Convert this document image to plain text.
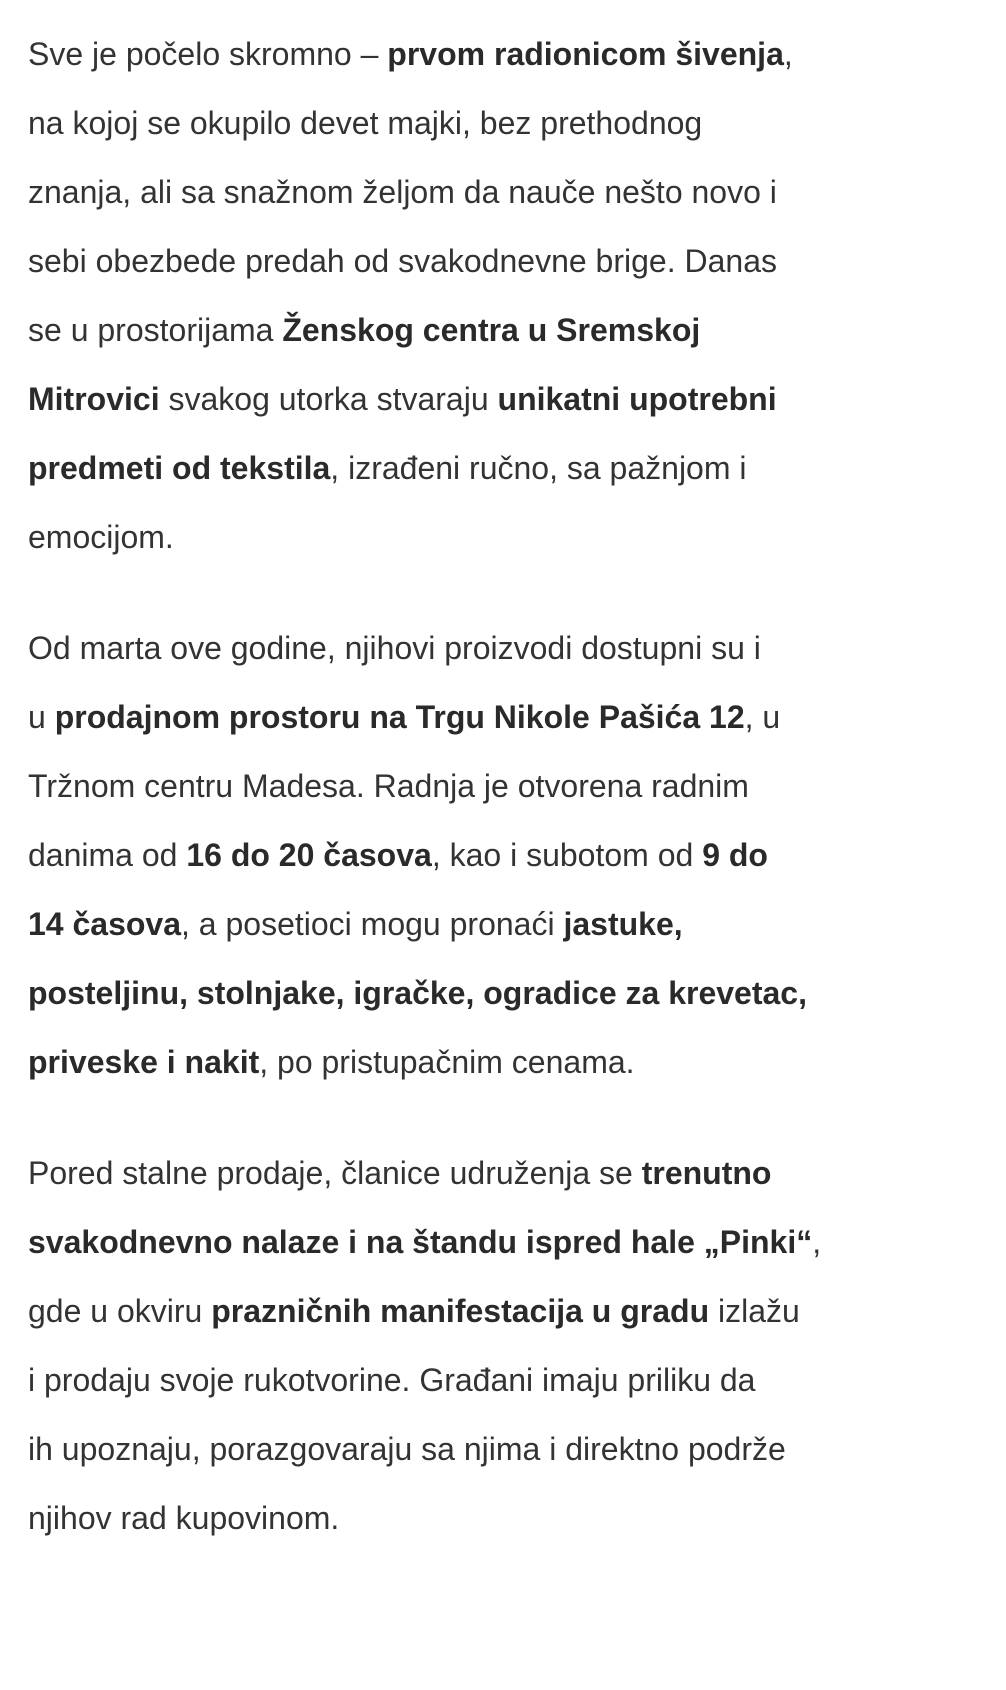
Sve je počelo skromno – prvom radionicom šivenja,
na kojoj se okupilo devet majki, bez prethodnog
znanja, ali sa snažnom željom da nauče nešto novo i
sebi obezbede predah od svakodnevne brige. Danas
se u prostorijama Ženskog centra u Sremskoj
Mitrovici svakog utorka stvaraju unikatni upotrebni
predmeti od tekstila, izrađeni ručno, sa pažnjom i
emocijom.

Od marta ove godine, njihovi proizvodi dostupni su i
u prodajnom prostoru na Trgu Nikole Pašića 12, u
Tržnom centru Madesa. Radnja je otvorena radnim
danima od 16 do 20 časova, kao i subotom od 9 do
14 časova, a posetioci mogu pronaći jastuke,
posteljinu, stolnjake, igračke, ogradice za krevetac,
priveske i nakit, po pristupačnim cenama.

Pored stalne prodaje, članice udruženja se trenutno
svakodnevno nalaze i na štandu ispred hale „Pinki“,
gde u okviru prazničnih manifestacija u gradu izlažu
i prodaju svoje rukotvorine. Građani imaju priliku da
ih upoznaju, porazgovaraju sa njima i direktno podrže
njihov rad kupovinom.
